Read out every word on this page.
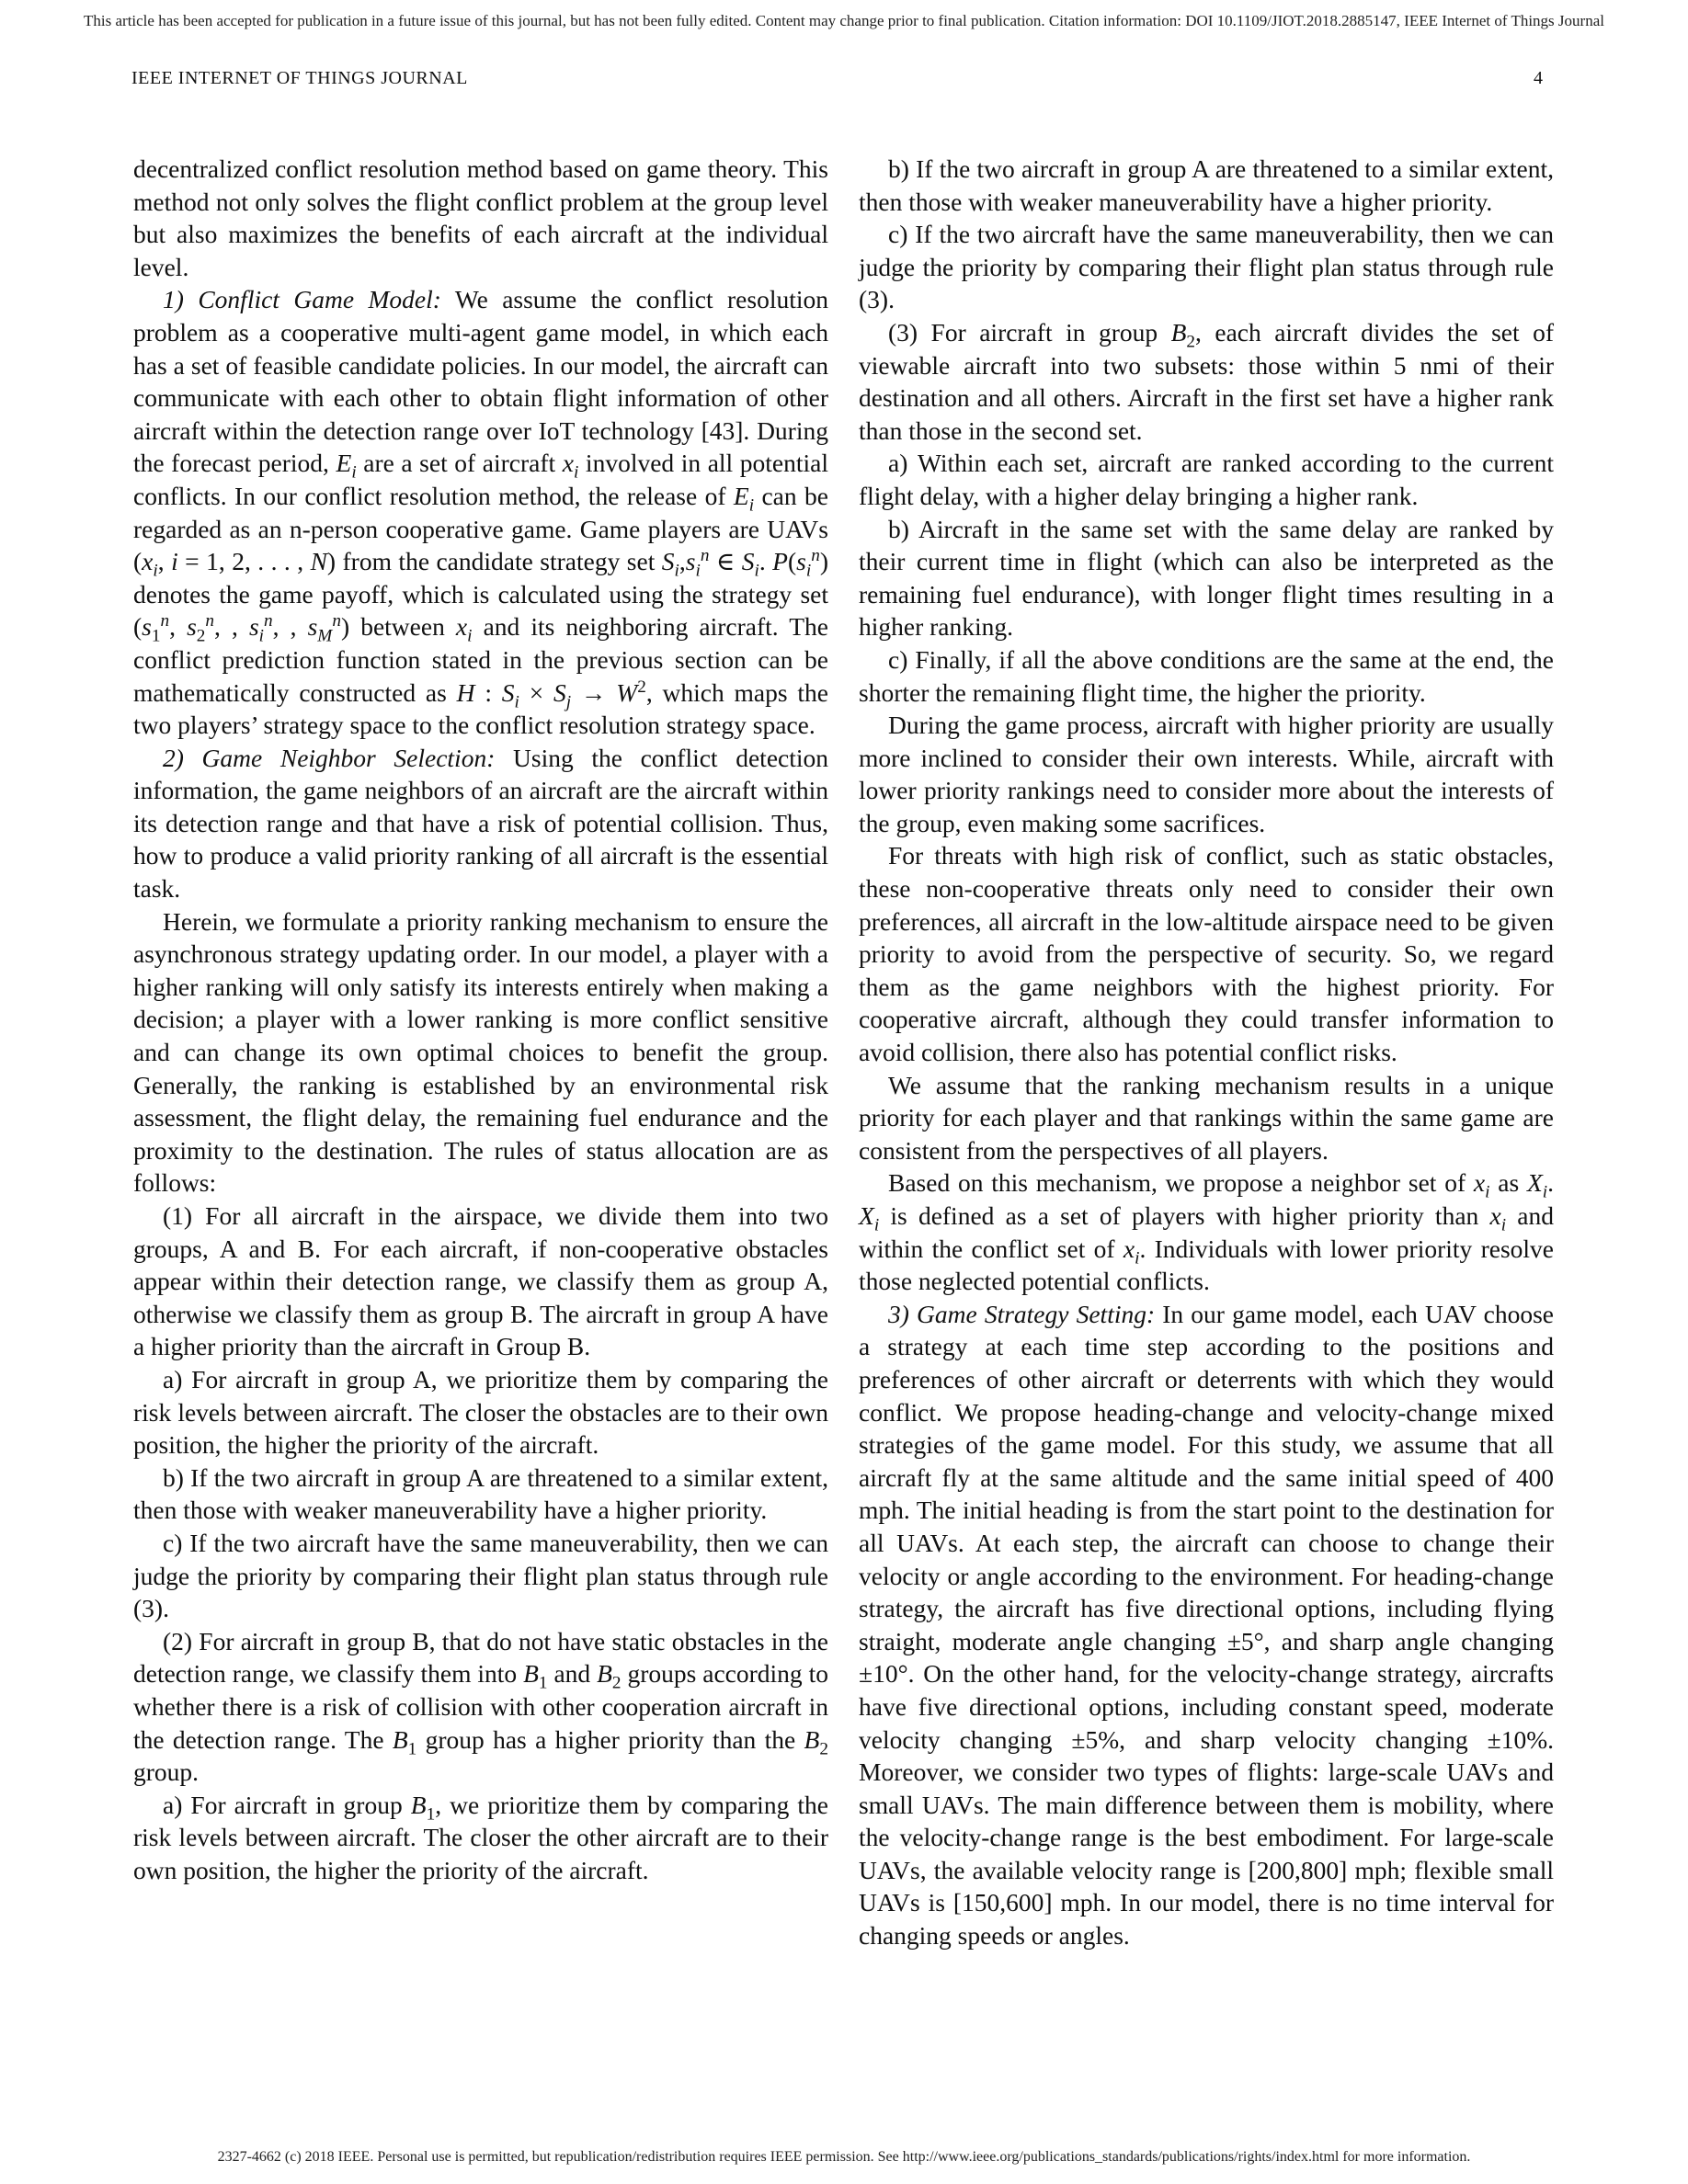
This article has been accepted for publication in a future issue of this journal, but has not been fully edited. Content may change prior to final publication. Citation information: DOI 10.1109/JIOT.2018.2885147, IEEE Internet of Things Journal
IEEE INTERNET OF THINGS JOURNAL	4

decentralized conflict resolution method based on game theory. This method not only solves the flight conflict problem at the group level but also maximizes the benefits of each aircraft at the individual level.

1) Conflict Game Model: We assume the conflict resolution problem as a cooperative multi-agent game model, in which each has a set of feasible candidate policies. In our model, the aircraft can communicate with each other to obtain flight information of other aircraft within the detection range over IoT technology [43]. During the forecast period, $E_i$ are a set of aircraft $x_i$ involved in all potential conflicts. In our conflict resolution method, the release of $E_i$ can be regarded as an n-person cooperative game. Game players are UAVs ($x_i$, i = 1, 2, . . . , N) from the candidate strategy set $S_i,s_i^n$ ∈ $S_i$. $P(s_i^n)$ denotes the game payoff, which is calculated using the strategy set ($s_1^n$, $s_2^n$, , $s_i^n$, , $s_M^n$) between $x_i$ and its neighboring aircraft. The conflict prediction function stated in the previous section can be mathematically constructed as H : $S_i \times S_j \to W^2$, which maps the two players’ strategy space to the conflict resolution strategy space.

2) Game Neighbor Selection: Using the conflict detection information, the game neighbors of an aircraft are the aircraft within its detection range and that have a risk of potential collision. Thus, how to produce a valid priority ranking of all aircraft is the essential task.

Herein, we formulate a priority ranking mechanism to ensure the asynchronous strategy updating order. In our model, a player with a higher ranking will only satisfy its interests entirely when making a decision; a player with a lower ranking is more conflict sensitive and can change its own optimal choices to benefit the group. Generally, the ranking is established by an environmental risk assessment, the flight delay, the remaining fuel endurance and the proximity to the destination. The rules of status allocation are as follows:

(1) For all aircraft in the airspace, we divide them into two groups, A and B. For each aircraft, if non-cooperative obstacles appear within their detection range, we classify them as group A, otherwise we classify them as group B. The aircraft in group A have a higher priority than the aircraft in Group B.

a) For aircraft in group A, we prioritize them by comparing the risk levels between aircraft. The closer the obstacles are to their own position, the higher the priority of the aircraft.

b) If the two aircraft in group A are threatened to a similar extent, then those with weaker maneuverability have a higher priority.

c) If the two aircraft have the same maneuverability, then we can judge the priority by comparing their flight plan status through rule (3).

(2) For aircraft in group B, that do not have static obstacles in the detection range, we classify them into $B_1$ and $B_2$ groups according to whether there is a risk of collision with other cooperation aircraft in the detection range. The $B_1$ group has a higher priority than the $B_2$ group.

a) For aircraft in group $B_1$, we prioritize them by comparing the risk levels between aircraft. The closer the other aircraft are to their own position, the higher the priority of the aircraft.

b) If the two aircraft in group A are threatened to a similar extent, then those with weaker maneuverability have a higher priority.

c) If the two aircraft have the same maneuverability, then we can judge the priority by comparing their flight plan status through rule (3).

(3) For aircraft in group $B_2$, each aircraft divides the set of viewable aircraft into two subsets: those within 5 nmi of their destination and all others. Aircraft in the first set have a higher rank than those in the second set.

a) Within each set, aircraft are ranked according to the current flight delay, with a higher delay bringing a higher rank.

b) Aircraft in the same set with the same delay are ranked by their current time in flight (which can also be interpreted as the remaining fuel endurance), with longer flight times resulting in a higher ranking.

c) Finally, if all the above conditions are the same at the end, the shorter the remaining flight time, the higher the priority.

During the game process, aircraft with higher priority are usually more inclined to consider their own interests. While, aircraft with lower priority rankings need to consider more about the interests of the group, even making some sacrifices.

For threats with high risk of conflict, such as static obstacles, these non-cooperative threats only need to consider their own preferences, all aircraft in the low-altitude airspace need to be given priority to avoid from the perspective of security. So, we regard them as the game neighbors with the highest priority. For cooperative aircraft, although they could transfer information to avoid collision, there also has potential conflict risks.

We assume that the ranking mechanism results in a unique priority for each player and that rankings within the same game are consistent from the perspectives of all players.

Based on this mechanism, we propose a neighbor set of $x_i$ as $X_i$. $X_i$ is defined as a set of players with higher priority than $x_i$ and within the conflict set of $x_i$. Individuals with lower priority resolve those neglected potential conflicts.

3) Game Strategy Setting: In our game model, each UAV choose a strategy at each time step according to the positions and preferences of other aircraft or deterrents with which they would conflict. We propose heading-change and velocity-change mixed strategies of the game model. For this study, we assume that all aircraft fly at the same altitude and the same initial speed of 400 mph. The initial heading is from the start point to the destination for all UAVs. At each step, the aircraft can choose to change their velocity or angle according to the environment. For heading-change strategy, the aircraft has five directional options, including flying straight, moderate angle changing ±5°, and sharp angle changing ±10°. On the other hand, for the velocity-change strategy, aircrafts have five directional options, including constant speed, moderate velocity changing ±5%, and sharp velocity changing ±10%. Moreover, we consider two types of flights: large-scale UAVs and small UAVs. The main difference between them is mobility, where the velocity-change range is the best embodiment. For large-scale UAVs, the available velocity range is [200,800] mph; flexible small UAVs is [150,600] mph. In our model, there is no time interval for changing speeds or angles.

2327-4662 (c) 2018 IEEE. Personal use is permitted, but republication/redistribution requires IEEE permission. See http://www.ieee.org/publications_standards/publications/rights/index.html for more information.
